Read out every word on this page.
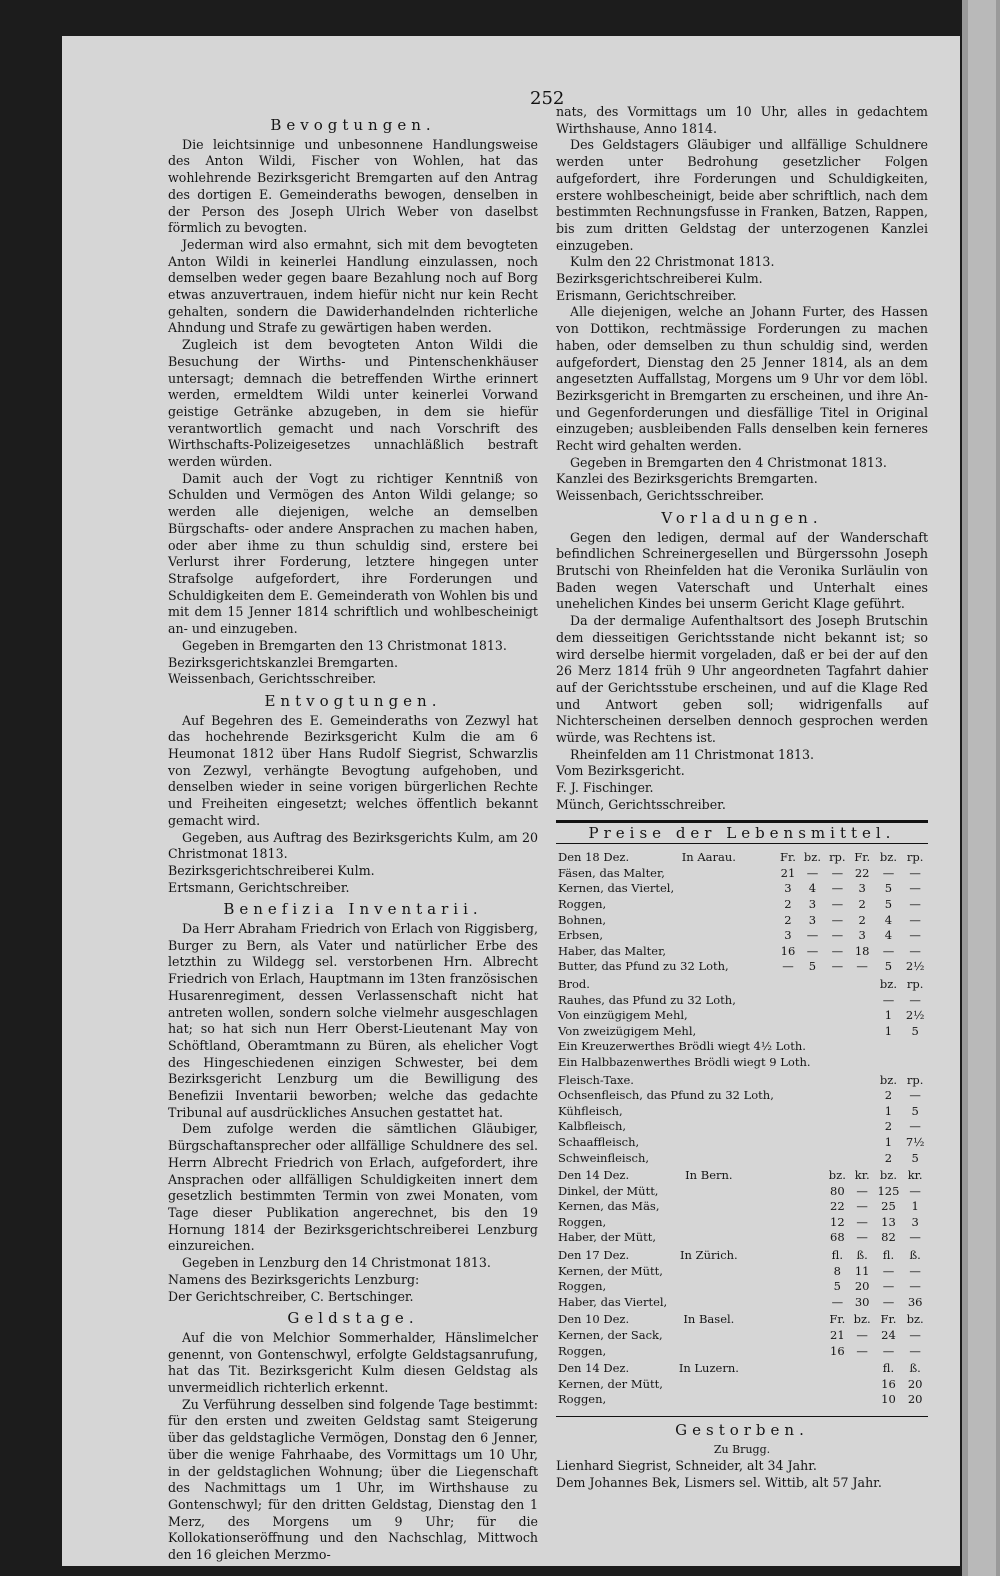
252
Bevogtungen.

Die leichtsinnige und unbesonnene Handlungsweise des Anton Wildi, Fischer von Wohlen, hat das wohlehrende Bezirksgericht Bremgarten auf den Antrag des dortigen E. Gemeinderaths bewogen, denselben in der Person des Joseph Ulrich Weber von daselbst förmlich zu bevogten.

Jederman wird also ermahnt, sich mit dem bevogteten Anton Wildi in keinerlei Handlung einzulassen, noch demselben weder gegen baare Bezahlung noch auf Borg etwas anzuvertrauen, indem hiefür nicht nur kein Recht gehalten, sondern die Dawiderhandelnden richterliche Ahndung und Strafe zu gewärtigen haben werden.

Zugleich ist dem bevogteten Anton Wildi die Besuchung der Wirths- und Pintenschenkhäuser untersagt; demnach die betreffenden Wirthe erinnert werden, ermeldtem Wildi unter keinerlei Vorwand geistige Getränke abzugeben, in dem sie hiefür verantwortlich gemacht und nach Vorschrift des Wirthschafts-Polizeigesetzes unnachläßlich bestraft werden würden.

Damit auch der Vogt zu richtiger Kenntniß von Schulden und Vermögen des Anton Wildi gelange; so werden alle diejenigen, welche an demselben Bürgschafts- oder andere Ansprachen zu machen haben, oder aber ihme zu thun schuldig sind, erstere bei Verlurst ihrer Forderung, letztere hingegen unter Strafsolge aufgefordert, ihre Forderungen und Schuldigkeiten dem E. Gemeinderath von Wohlen bis und mit dem 15 Jenner 1814 schriftlich und wohlbescheinigt an- und einzugeben.

Gegeben in Bremgarten den 13 Christmonat 1813.

Bezirksgerichtskanzlei Bremgarten.

Weissenbach, Gerichtsschreiber.

Entvogtungen.

Auf Begehren des E. Gemeinderaths von Zezwyl hat das hochehrende Bezirksgericht Kulm die am 6 Heumonat 1812 über Hans Rudolf Siegrist, Schwarzlis von Zezwyl, verhängte Bevogtung aufgehoben, und denselben wieder in seine vorigen bürgerlichen Rechte und Freiheiten eingesetzt; welches öffentlich bekannt gemacht wird.

Gegeben, aus Auftrag des Bezirksgerichts Kulm, am 20 Christmonat 1813.

Bezirksgerichtschreiberei Kulm.

Ertsmann, Gerichtschreiber.

Benefizia Inventarii.

Da Herr Abraham Friedrich von Erlach von Riggisberg, Burger zu Bern, als Vater und natürlicher Erbe des letzthin zu Wildegg sel. verstorbenen Hrn. Albrecht Friedrich von Erlach, Hauptmann im 13ten französischen Husarenregiment, dessen Verlassenschaft nicht hat antreten wollen, sondern solche vielmehr ausgeschlagen hat; so hat sich nun Herr Oberst-Lieutenant May von Schöftland, Oberamtmann zu Büren, als ehelicher Vogt des Hingeschiedenen einzigen Schwester, bei dem Bezirksgericht Lenzburg um die Bewilligung des Benefizii Inventarii beworben; welche das gedachte Tribunal auf ausdrückliches Ansuchen gestattet hat.

Dem zufolge werden die sämtlichen Gläubiger, Bürgschaftansprecher oder allfällige Schuldnere des sel. Herrn Albrecht Friedrich von Erlach, aufgefordert, ihre Ansprachen oder allfälligen Schuldigkeiten innert dem gesetzlich bestimmten Termin von zwei Monaten, vom Tage dieser Publikation angerechnet, bis den 19 Hornung 1814 der Bezirksgerichtschreiberei Lenzburg einzureichen.

Gegeben in Lenzburg den 14 Christmonat 1813.

Namens des Bezirksgerichts Lenzburg:

Der Gerichtschreiber, C. Bertschinger.

Geldstage.

Auf die von Melchior Sommerhalder, Hänslimelcher genennt, von Gontenschwyl, erfolgte Geldstagsanrufung, hat das Tit. Bezirksgericht Kulm diesen Geldstag als unvermeidlich richterlich erkennt.

Zu Verführung desselben sind folgende Tage bestimmt: für den ersten und zweiten Geldstag samt Steigerung über das geldstagliche Vermögen, Donstag den 6 Jenner, über die wenige Fahrhaabe, des Vormittags um 10 Uhr, in der geldstaglichen Wohnung; über die Liegenschaft des Nachmittags um 1 Uhr, im Wirthshause zu Gontenschwyl; für den dritten Geldstag, Dienstag den 1 Merz, des Morgens um 9 Uhr; für die Kollokationseröffnung und den Nachschlag, Mittwoch den 16 gleichen Merzmo-

nats, des Vormittags um 10 Uhr, alles in gedachtem Wirthshause, Anno 1814.

Des Geldstagers Gläubiger und allfällige Schuldnere werden unter Bedrohung gesetzlicher Folgen aufgefordert, ihre Forderungen und Schuldigkeiten, erstere wohlbescheinigt, beide aber schriftlich, nach dem bestimmten Rechnungsfusse in Franken, Batzen, Rappen, bis zum dritten Geldstag der unterzogenen Kanzlei einzugeben.

Kulm den 22 Christmonat 1813.

Bezirksgerichtschreiberei Kulm.

Erismann, Gerichtschreiber.

Alle diejenigen, welche an Johann Furter, des Hassen von Dottikon, rechtmässige Forderungen zu machen haben, oder demselben zu thun schuldig sind, werden aufgefordert, Dienstag den 25 Jenner 1814, als an dem angesetzten Auffallstag, Morgens um 9 Uhr vor dem löbl. Bezirksgericht in Bremgarten zu erscheinen, und ihre An- und Gegenforderungen und diesfällige Titel in Original einzugeben; ausbleibenden Falls denselben kein ferneres Recht wird gehalten werden.

Gegeben in Bremgarten den 4 Christmonat 1813.

Kanzlei des Bezirksgerichts Bremgarten.

Weissenbach, Gerichtsschreiber.

Vorladungen.

Gegen den ledigen, dermal auf der Wanderschaft befindlichen Schreinergesellen und Bürgerssohn Joseph Brutschi von Rheinfelden hat die Veronika Surläulin von Baden wegen Vaterschaft und Unterhalt eines unehelichen Kindes bei unserm Gericht Klage geführt.

Da der dermalige Aufenthaltsort des Joseph Brutschin dem diesseitigen Gerichtsstande nicht bekannt ist; so wird derselbe hiermit vorgeladen, daß er bei der auf den 26 Merz 1814 früh 9 Uhr angeordneten Tagfahrt dahier auf der Gerichtsstube erscheinen, und auf die Klage Red und Antwort geben soll; widrigenfalls auf Nichterscheinen derselben dennoch gesprochen werden würde, was Rechtens ist.

Rheinfelden am 11 Christmonat 1813.

Vom Bezirksgericht.

F. J. Fischinger.

Münch, Gerichtsschreiber.

Preise der Lebensmittel.
Den 18 Dez.	In Aarau.	Fr.	bz.	rp.	Fr.	bz.	rp.
Fäsen, das Malter,		21	—	—	22	—	—
Kernen, das Viertel,		3	4	—	3	5	—
Roggen,		2	3	—	2	5	—
Bohnen,		2	3	—	2	4	—
Erbsen,		3	—	—	3	4	—
Haber, das Malter,		16	—	—	18	—	—
Butter, das Pfund zu 32 Loth,		—	5	—	—	5	2½
Brod.						bz.	rp.
Rauhes, das Pfund zu 32 Loth,						—	—
Von einzügigem Mehl,						1	2½
Von zweizügigem Mehl,						1	5
Ein Kreuzerwerthes Brödli wiegt 4½ Loth.							
Ein Halbbazenwerthes Brödli wiegt 9 Loth.							
Fleisch-Taxe.						bz.	rp.
Ochsenfleisch, das Pfund zu 32 Loth,						2	—
Kühfleisch,						1	5
Kalbfleisch,						2	—
Schaaffleisch,						1	7½
Schweinfleisch,						2	5
Den 14 Dez.	In Bern.			bz.	kr.	bz.	kr.
Dinkel, der Mütt,				80	—	125	—
Kernen, das Mäs,				22	—	25	1
Roggen,				12	—	13	3
Haber, der Mütt,				68	—	82	—
Den 17 Dez.	In Zürich.			fl.	ß.	fl.	ß.
Kernen, der Mütt,				8	11	—	—
Roggen,				5	20	—	—
Haber, das Viertel,				—	30	—	36
Den 10 Dez.	In Basel.			Fr.	bz.	Fr.	bz.
Kernen, der Sack,				21	—	24	—
Roggen,				16	—	—	—
Den 14 Dez.	In Luzern.					fl.	ß.
Kernen, der Mütt,						16	20
Roggen,						10	20
Gestorben.
Zu Brugg.

Lienhard Siegrist, Schneider, alt 34 Jahr.

Dem Johannes Bek, Lismers sel. Wittib, alt 57 Jahr.
